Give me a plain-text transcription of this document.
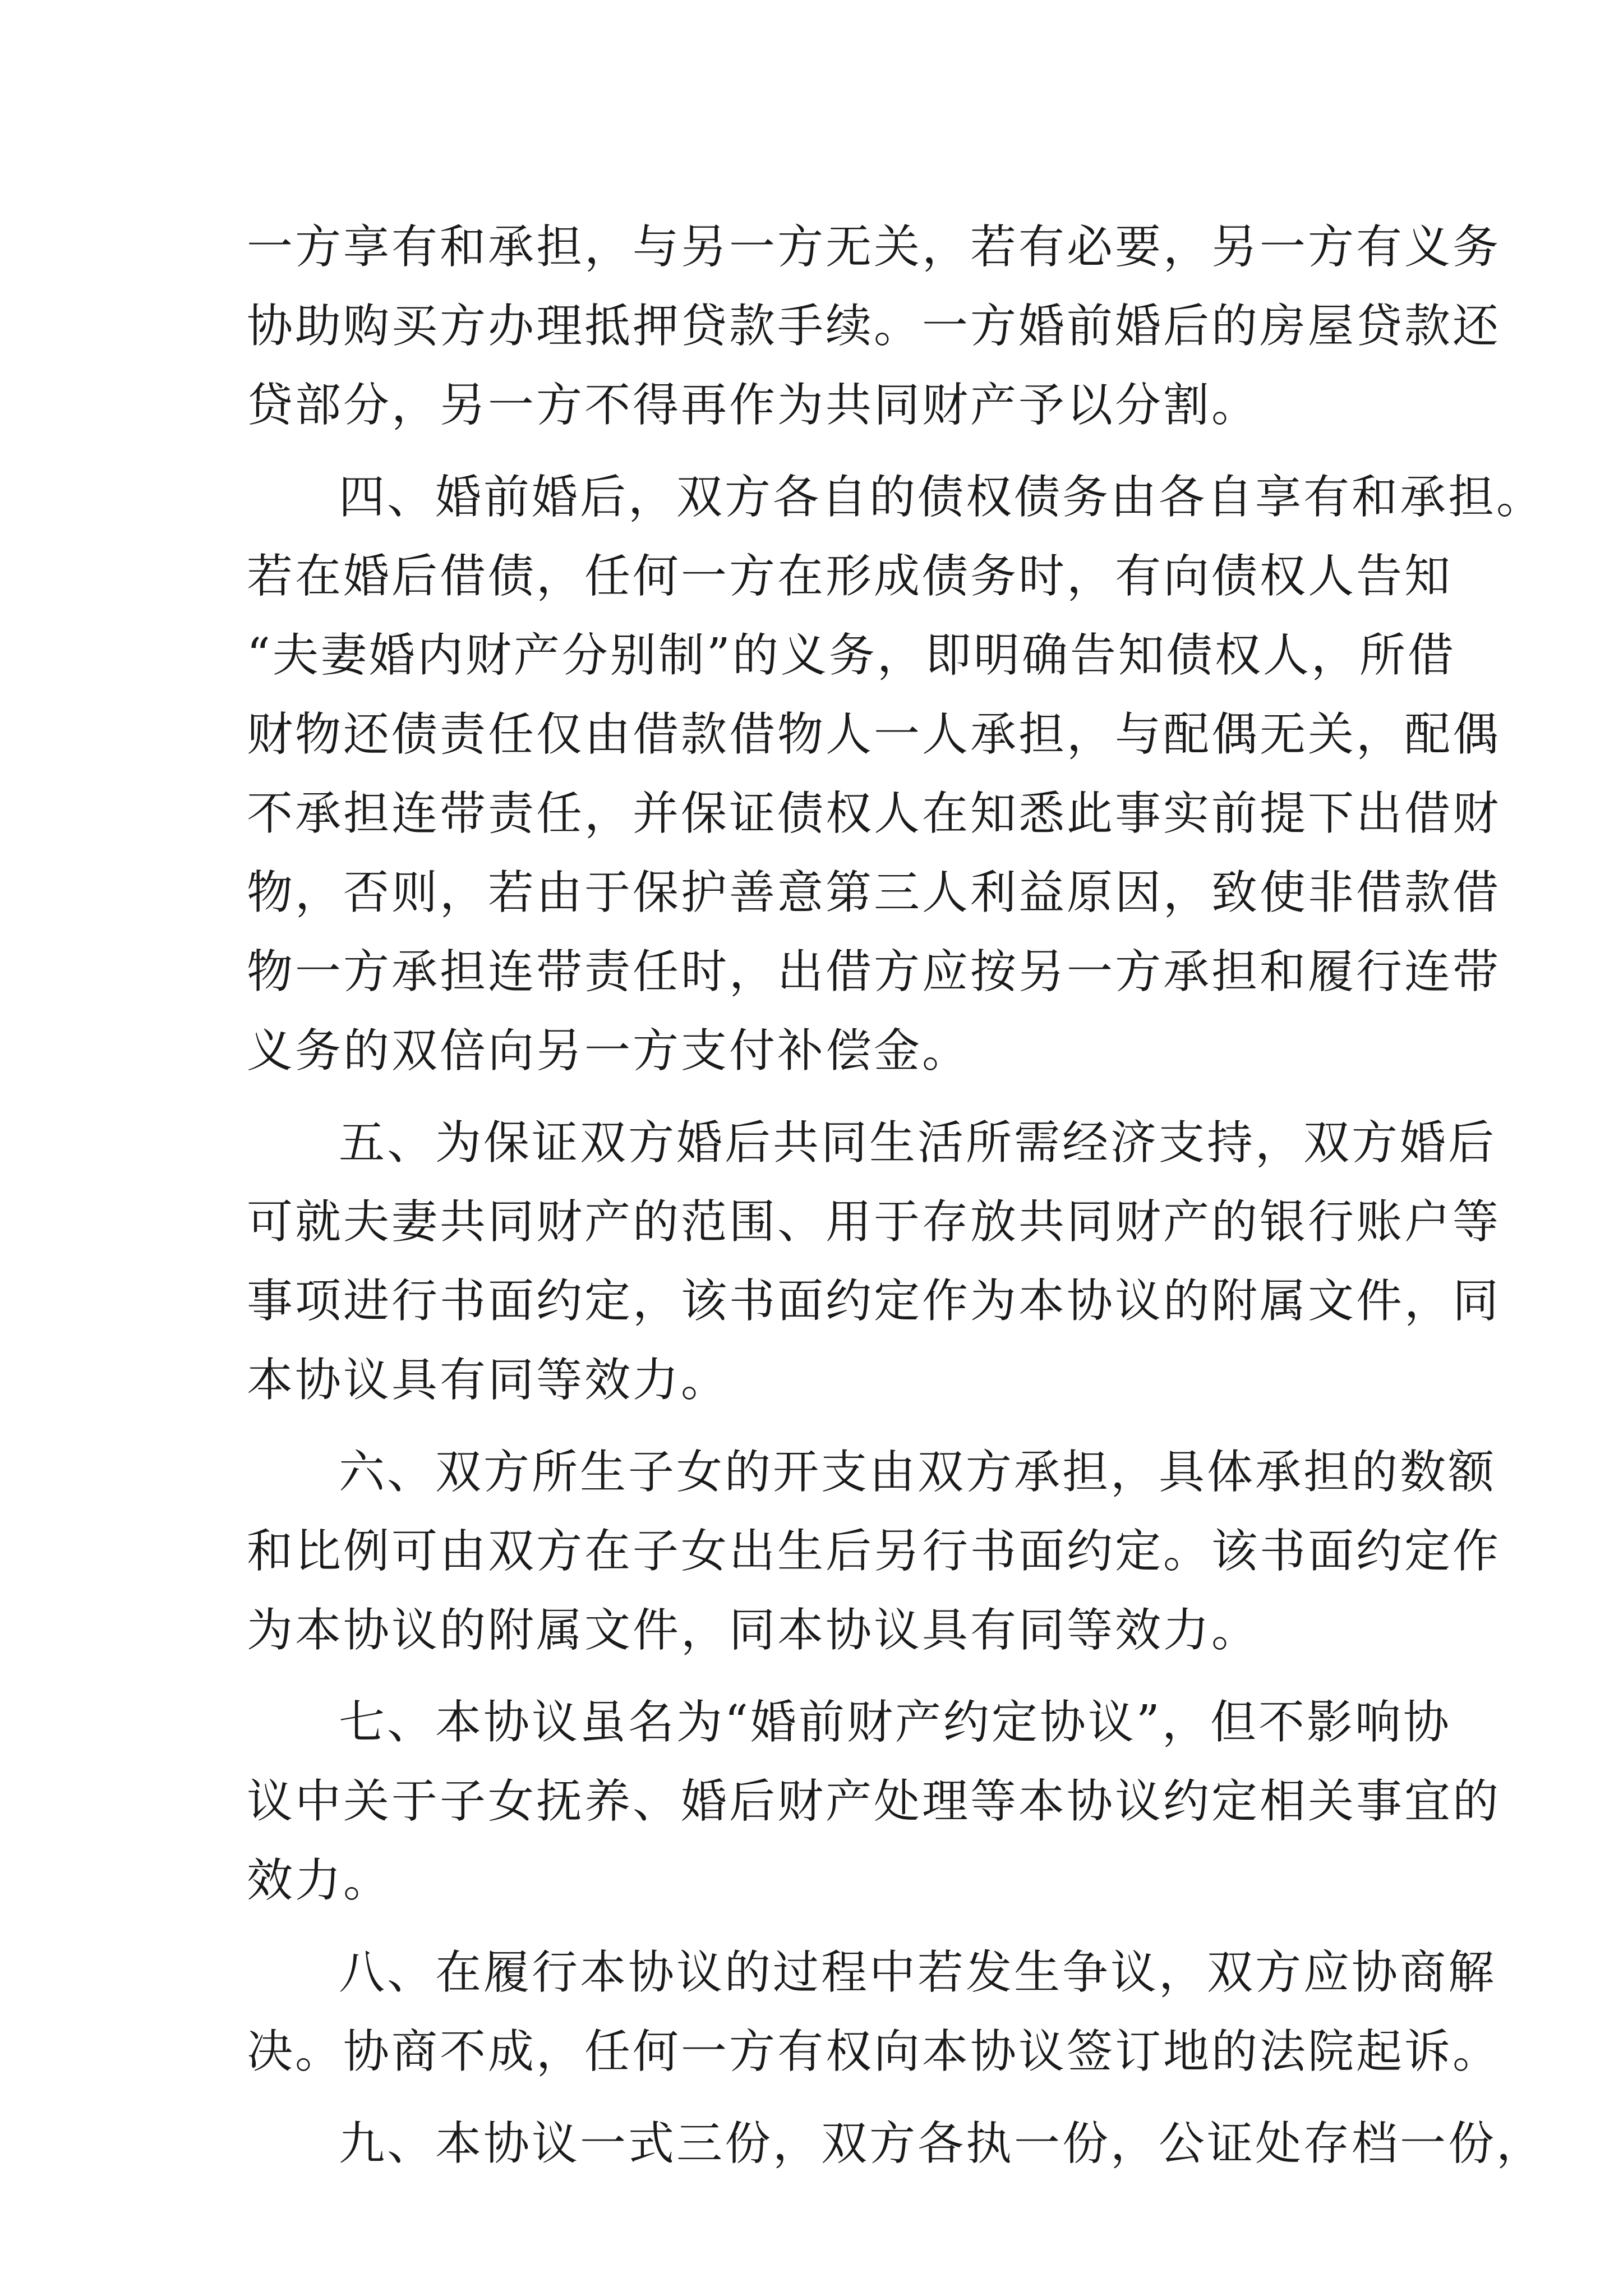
一方享有和承担，与另一方无关，若有必要，另一方有义务
协助购买方办理抵押贷款手续。一方婚前婚后的房屋贷款还
贷部分，另一方不得再作为共同财产予以分割。
四、婚前婚后，双方各自的债权债务由各自享有和承担。
若在婚后借债，任何一方在形成债务时，有向债权人告知
“夫妻婚内财产分别制”的义务，即明确告知债权人，所借
财物还债责任仅由借款借物人一人承担，与配偶无关，配偶
不承担连带责任，并保证债权人在知悉此事实前提下出借财
物，否则，若由于保护善意第三人利益原因，致使非借款借
物一方承担连带责任时，出借方应按另一方承担和履行连带
义务的双倍向另一方支付补偿金。
五、为保证双方婚后共同生活所需经济支持，双方婚后
可就夫妻共同财产的范围、用于存放共同财产的银行账户等
事项进行书面约定，该书面约定作为本协议的附属文件，同
本协议具有同等效力。
六、双方所生子女的开支由双方承担，具体承担的数额
和比例可由双方在子女出生后另行书面约定。该书面约定作
为本协议的附属文件，同本协议具有同等效力。
七、本协议虽名为“婚前财产约定协议”，但不影响协
议中关于子女抚养、婚后财产处理等本协议约定相关事宜的
效力。
八、在履行本协议的过程中若发生争议，双方应协商解
决。协商不成，任何一方有权向本协议签订地的法院起诉。
九、本协议一式三份，双方各执一份，公证处存档一份，
